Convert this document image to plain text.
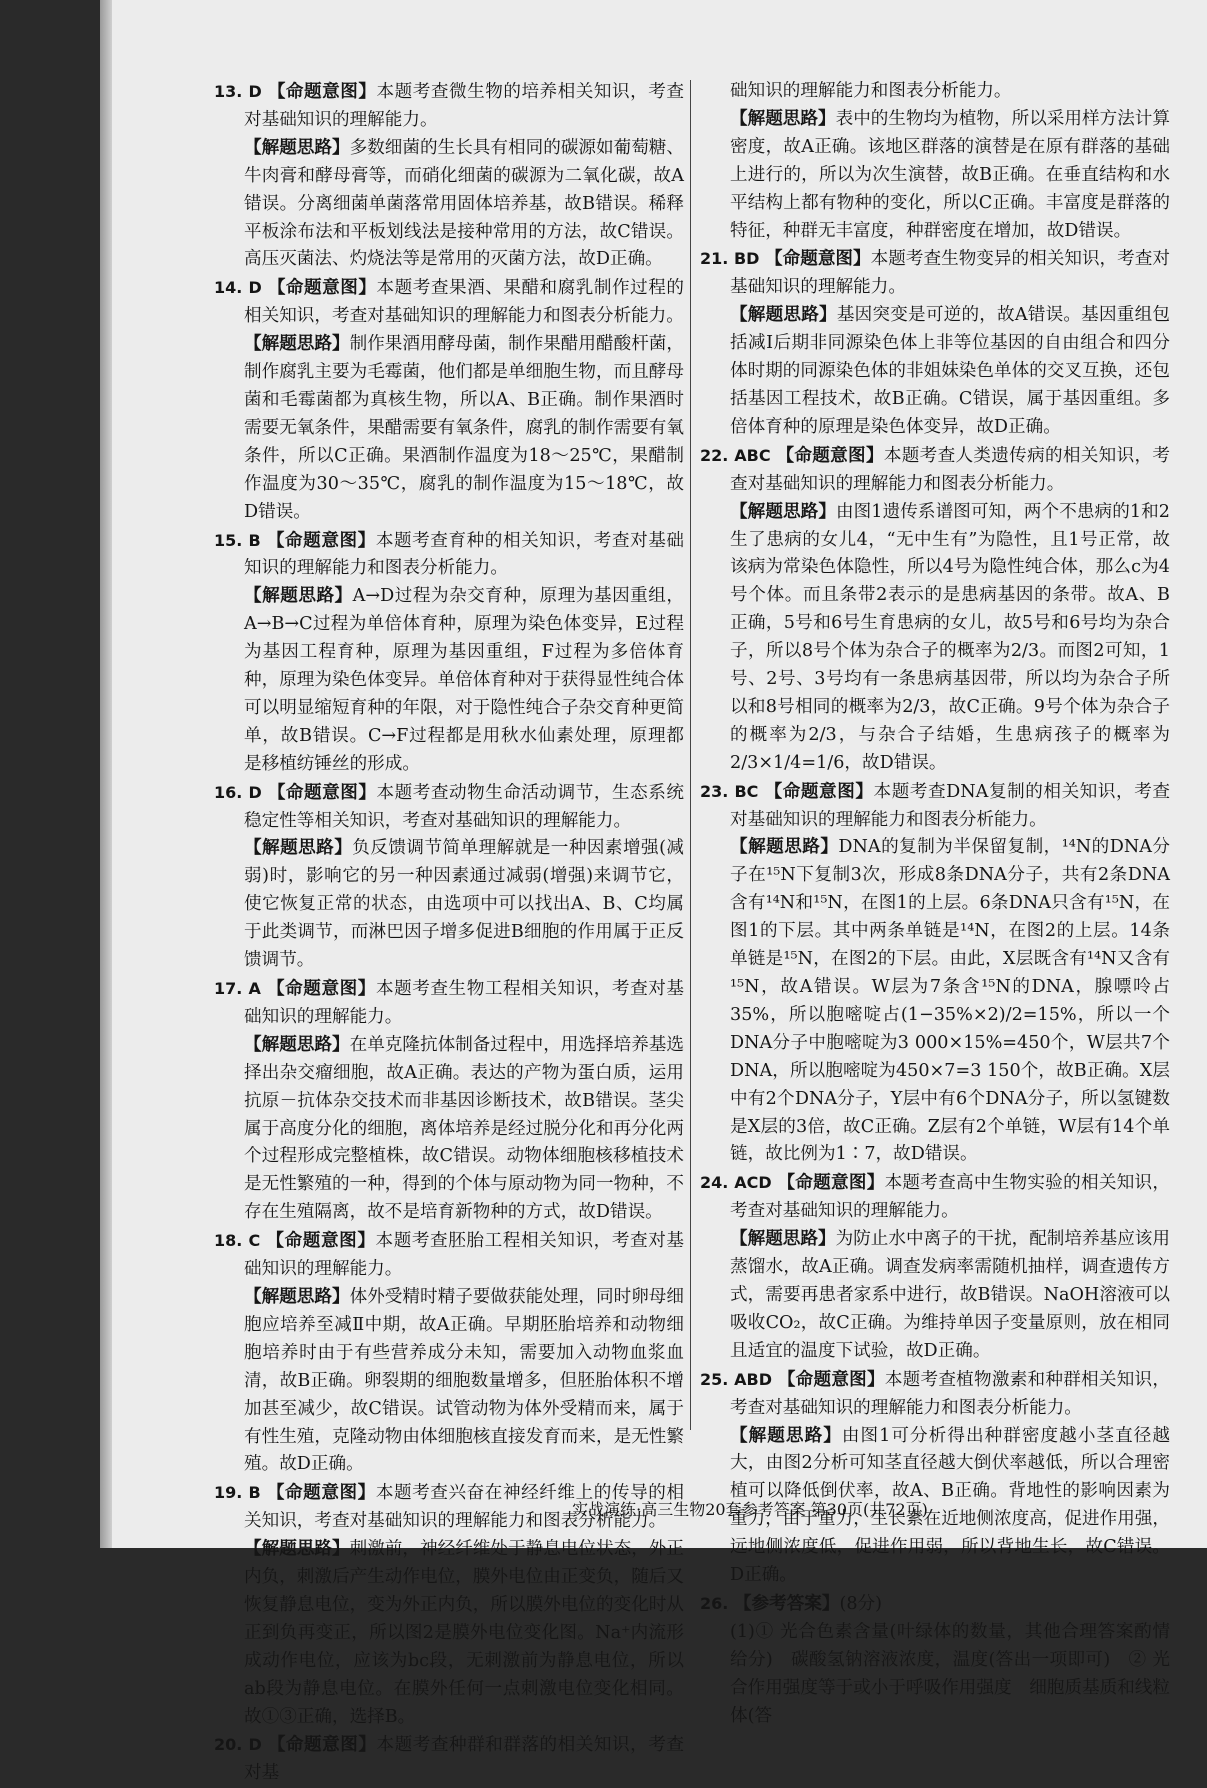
13. D 【命题意图】本题考查微生物的培养相关知识，考查对基础知识的理解能力。

【解题思路】多数细菌的生长具有相同的碳源如葡萄糖、牛肉膏和酵母膏等，而硝化细菌的碳源为二氧化碳，故A错误。分离细菌单菌落常用固体培养基，故B错误。稀释平板涂布法和平板划线法是接种常用的方法，故C错误。高压灭菌法、灼烧法等是常用的灭菌方法，故D正确。

14. D 【命题意图】本题考查果酒、果醋和腐乳制作过程的相关知识，考查对基础知识的理解能力和图表分析能力。

【解题思路】制作果酒用酵母菌，制作果醋用醋酸杆菌，制作腐乳主要为毛霉菌，他们都是单细胞生物，而且酵母菌和毛霉菌都为真核生物，所以A、B正确。制作果酒时需要无氧条件，果醋需要有氧条件，腐乳的制作需要有氧条件，所以C正确。果酒制作温度为18～25℃，果醋制作温度为30～35℃，腐乳的制作温度为15～18℃，故D错误。

15. B 【命题意图】本题考查育种的相关知识，考查对基础知识的理解能力和图表分析能力。

【解题思路】A→D过程为杂交育种，原理为基因重组，A→B→C过程为单倍体育种，原理为染色体变异，E过程为基因工程育种，原理为基因重组，F过程为多倍体育种，原理为染色体变异。单倍体育种对于获得显性纯合体可以明显缩短育种的年限，对于隐性纯合子杂交育种更简单，故B错误。C→F过程都是用秋水仙素处理，原理都是移植纺锤丝的形成。

16. D 【命题意图】本题考查动物生命活动调节，生态系统稳定性等相关知识，考查对基础知识的理解能力。

【解题思路】负反馈调节简单理解就是一种因素增强(减弱)时，影响它的另一种因素通过减弱(增强)来调节它，使它恢复正常的状态，由选项中可以找出A、B、C均属于此类调节，而淋巴因子增多促进B细胞的作用属于正反馈调节。

17. A 【命题意图】本题考查生物工程相关知识，考查对基础知识的理解能力。

【解题思路】在单克隆抗体制备过程中，用选择培养基选择出杂交瘤细胞，故A正确。表达的产物为蛋白质，运用抗原－抗体杂交技术而非基因诊断技术，故B错误。茎尖属于高度分化的细胞，离体培养是经过脱分化和再分化两个过程形成完整植株，故C错误。动物体细胞核移植技术是无性繁殖的一种，得到的个体与原动物为同一物种，不存在生殖隔离，故不是培育新物种的方式，故D错误。

18. C 【命题意图】本题考查胚胎工程相关知识，考查对基础知识的理解能力。

【解题思路】体外受精时精子要做获能处理，同时卵母细胞应培养至减Ⅱ中期，故A正确。早期胚胎培养和动物细胞培养时由于有些营养成分未知，需要加入动物血浆血清，故B正确。卵裂期的细胞数量增多，但胚胎体积不增加甚至减少，故C错误。试管动物为体外受精而来，属于有性生殖，克隆动物由体细胞核直接发育而来，是无性繁殖。故D正确。

19. B 【命题意图】本题考查兴奋在神经纤维上的传导的相关知识，考查对基础知识的理解能力和图表分析能力。

【解题思路】刺激前，神经纤维处于静息电位状态，外正内负，刺激后产生动作电位，膜外电位由正变负，随后又恢复静息电位，变为外正内负，所以膜外电位的变化时从正到负再变正，所以图2是膜外电位变化图。Na⁺内流形成动作电位，应该为bc段，无刺激前为静息电位，所以ab段为静息电位。在膜外任何一点刺激电位变化相同。故①③正确，选择B。

20. D 【命题意图】本题考查种群和群落的相关知识，考查对基

础知识的理解能力和图表分析能力。

【解题思路】表中的生物均为植物，所以采用样方法计算密度，故A正确。该地区群落的演替是在原有群落的基础上进行的，所以为次生演替，故B正确。在垂直结构和水平结构上都有物种的变化，所以C正确。丰富度是群落的特征，种群无丰富度，种群密度在增加，故D错误。

21. BD 【命题意图】本题考查生物变异的相关知识，考查对基础知识的理解能力。

【解题思路】基因突变是可逆的，故A错误。基因重组包括减Ⅰ后期非同源染色体上非等位基因的自由组合和四分体时期的同源染色体的非姐妹染色单体的交叉互换，还包括基因工程技术，故B正确。C错误，属于基因重组。多倍体育种的原理是染色体变异，故D正确。

22. ABC 【命题意图】本题考查人类遗传病的相关知识，考查对基础知识的理解能力和图表分析能力。

【解题思路】由图1遗传系谱图可知，两个不患病的1和2生了患病的女儿4，“无中生有”为隐性，且1号正常，故该病为常染色体隐性，所以4号为隐性纯合体，那么c为4号个体。而且条带2表示的是患病基因的条带。故A、B正确，5号和6号生育患病的女儿，故5号和6号均为杂合子，所以8号个体为杂合子的概率为2/3。而图2可知，1号、2号、3号均有一条患病基因带，所以均为杂合子所以和8号相同的概率为2/3，故C正确。9号个体为杂合子的概率为2/3，与杂合子结婚，生患病孩子的概率为2/3×1/4=1/6，故D错误。

23. BC 【命题意图】本题考查DNA复制的相关知识，考查对基础知识的理解能力和图表分析能力。

【解题思路】DNA的复制为半保留复制，¹⁴N的DNA分子在¹⁵N下复制3次，形成8条DNA分子，共有2条DNA含有¹⁴N和¹⁵N，在图1的上层。6条DNA只含有¹⁵N，在图1的下层。其中两条单链是¹⁴N，在图2的上层。14条单链是¹⁵N，在图2的下层。由此，X层既含有¹⁴N又含有¹⁵N，故A错误。W层为7条含¹⁵N的DNA，腺嘌呤占35%，所以胞嘧啶占(1−35%×2)/2=15%，所以一个DNA分子中胞嘧啶为3 000×15%=450个，W层共7个DNA，所以胞嘧啶为450×7=3 150个，故B正确。X层中有2个DNA分子，Y层中有6个DNA分子，所以氢键数是X层的3倍，故C正确。Z层有2个单链，W层有14个单链，故比例为1∶7，故D错误。

24. ACD 【命题意图】本题考查高中生物实验的相关知识，考查对基础知识的理解能力。

【解题思路】为防止水中离子的干扰，配制培养基应该用蒸馏水，故A正确。调查发病率需随机抽样，调查遗传方式，需要再患者家系中进行，故B错误。NaOH溶液可以吸收CO₂，故C正确。为维持单因子变量原则，放在相同且适宜的温度下试验，故D正确。

25. ABD 【命题意图】本题考查植物激素和种群相关知识，考查对基础知识的理解能力和图表分析能力。

【解题思路】由图1可分析得出种群密度越小茎直径越大，由图2分析可知茎直径越大倒伏率越低，所以合理密植可以降低倒伏率，故A、B正确。背地性的影响因素为重力，由于重力，生长素在近地侧浓度高，促进作用强，远地侧浓度低，促进作用弱，所以背地生长，故C错误。D正确。

26. 【参考答案】(8分)

(1)① 光合色素含量(叶绿体的数量，其他合理答案酌情给分)　碳酸氢钠溶液浓度，温度(答出一项即可)　② 光合作用强度等于或小于呼吸作用强度　细胞质基质和线粒体(答

实战演练·高三生物20套参考答案 第30页(共72页)
